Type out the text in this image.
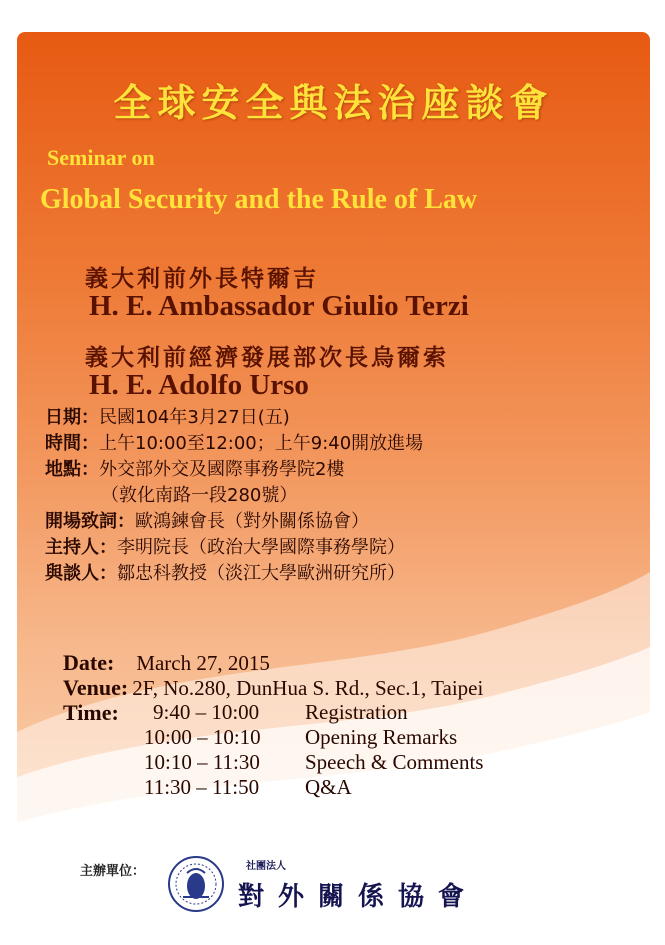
全球安全與法治座談會
Seminar on
Global Security and the Rule of Law
義大利前外長特爾吉
H. E. Ambassador Giulio Terzi
義大利前經濟發展部次長烏爾索
H. E. Adolfo Urso
日期：民國104年3月27日(五)
時間：上午10:00至12:00；上午9:40開放進場
地點：外交部外交及國際事務學院2樓
（敦化南路一段280號）
開場致詞：歐鴻鍊會長（對外關係協會）
主持人：李明院長（政治大學國際事務學院）
與談人：鄒忠科教授（淡江大學歐洲研究所）
Date: March 27, 2015
Venue: 2F, No.280, DunHua S. Rd., Sec.1, Taipei
Time:	9:40 – 10:00 Registration
10:00 – 10:10 Opening Remarks
10:10 – 11:30 Speech & Comments
11:30 – 11:50 Q&A
主辦單位：	社團法人
對外關係協會
